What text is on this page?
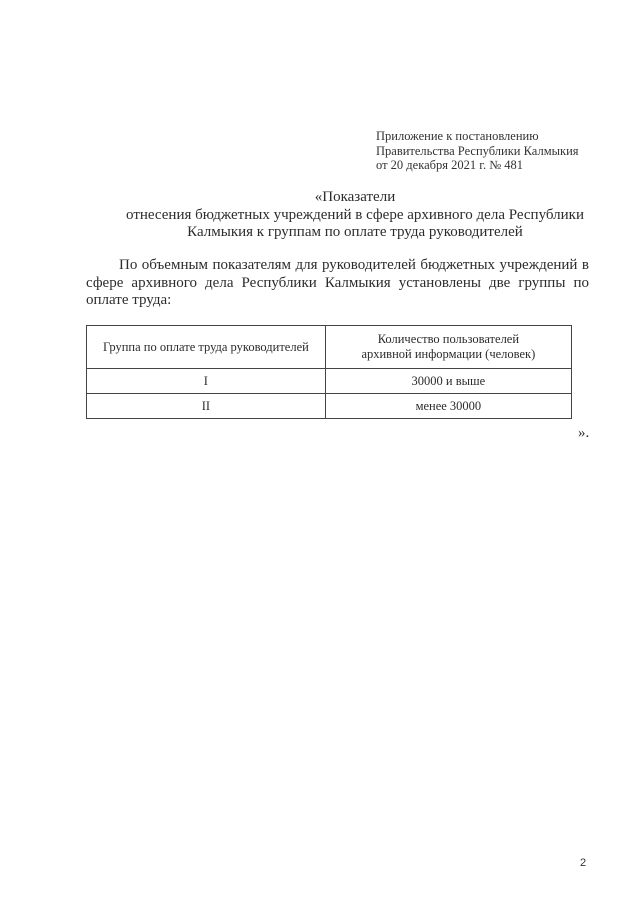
Приложение к постановлению
Правительства Республики Калмыкия
от 20 декабря 2021 г. № 481
«Показатели
отнесения бюджетных учреждений в сфере архивного дела Республики
Калмыкия к группам по оплате труда руководителей
По объемным показателям для руководителей бюджетных учреждений в
сфере архивного дела Республики Калмыкия установлены две группы по
оплате труда:
Группа по оплате труда руководителей	Количество пользователей архивной информации (человек)
I	30000 и выше
II	менее 30000
».
2
